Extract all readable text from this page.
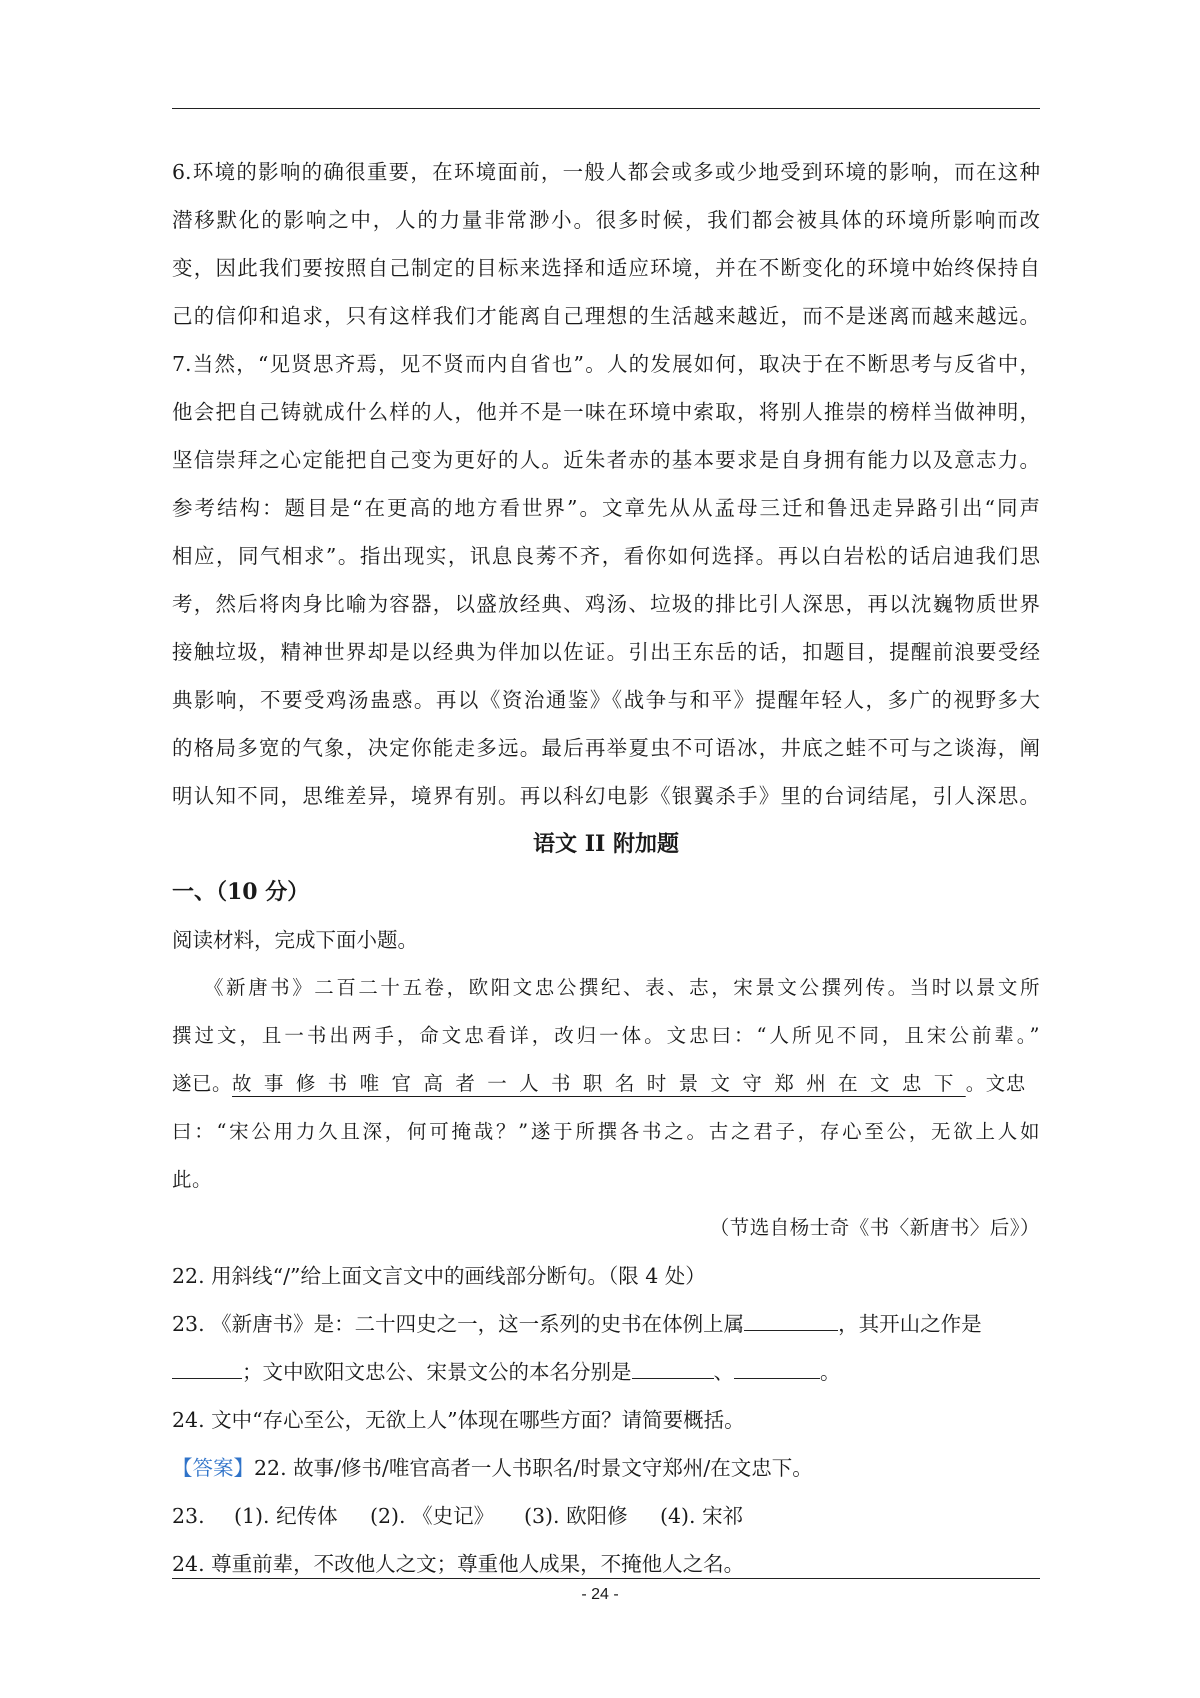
6.环境的影响的确很重要，在环境面前，一般人都会或多或少地受到环境的影响，而在这种
潜移默化的影响之中，人的力量非常渺小。很多时候，我们都会被具体的环境所影响而改
变，因此我们要按照自己制定的目标来选择和适应环境，并在不断变化的环境中始终保持自
己的信仰和追求，只有这样我们才能离自己理想的生活越来越近，而不是迷离而越来越远。
7.当然，“见贤思齐焉，见不贤而内自省也”。人的发展如何，取决于在不断思考与反省中，
他会把自己铸就成什么样的人，他并不是一味在环境中索取，将别人推崇的榜样当做神明，
坚信崇拜之心定能把自己变为更好的人。近朱者赤的基本要求是自身拥有能力以及意志力。
参考结构：题目是“在更高的地方看世界”。文章先从从孟母三迁和鲁迅走异路引出“同声
相应，同气相求”。指出现实，讯息良莠不齐，看你如何选择。再以白岩松的话启迪我们思
考，然后将肉身比喻为容器，以盛放经典、鸡汤、垃圾的排比引人深思，再以沈巍物质世界
接触垃圾，精神世界却是以经典为伴加以佐证。引出王东岳的话，扣题目，提醒前浪要受经
典影响，不要受鸡汤蛊惑。再以《资治通鉴》《战争与和平》提醒年轻人，多广的视野多大
的格局多宽的气象，决定你能走多远。最后再举夏虫不可语冰，井底之蛙不可与之谈海，阐
明认知不同，思维差异，境界有别。再以科幻电影《银翼杀手》里的台词结尾，引人深思。
语文 II 附加题
一、（10 分）
阅读材料，完成下面小题。
《新唐书》二百二十五卷，欧阳文忠公撰纪、表、志，宋景文公撰列传。当时以景文所
撰过文，且一书出两手，命文忠看详，改归一体。文忠曰：“人所见不同，且宋公前辈。”
遂已。故事修书唯官高者一人书职名时景文守郑州在文忠下。文忠
曰：“宋公用力久且深，何可掩哉？”遂于所撰各书之。古之君子，存心至公，无欲上人如
此。
（节选自杨士奇《书〈新唐书〉后》）
22. 用斜线“/”给上面文言文中的画线部分断句。（限 4 处）
23. 《新唐书》是：二十四史之一，这一系列的史书在体例上属	，其开山之作是
；文中欧阳文忠公、宋景文公的本名分别是	、	。
24. 文中“存心至公，无欲上人”体现在哪些方面？请简要概括。
【答案】22. 故事/修书/唯官高者一人书职名/时景文守郑州/在文忠下。
23. (1). 纪传体 (2). 《史记》 (3). 欧阳修 (4). 宋祁
24. 尊重前辈，不改他人之文；尊重他人成果，不掩他人之名。
- 24 -
